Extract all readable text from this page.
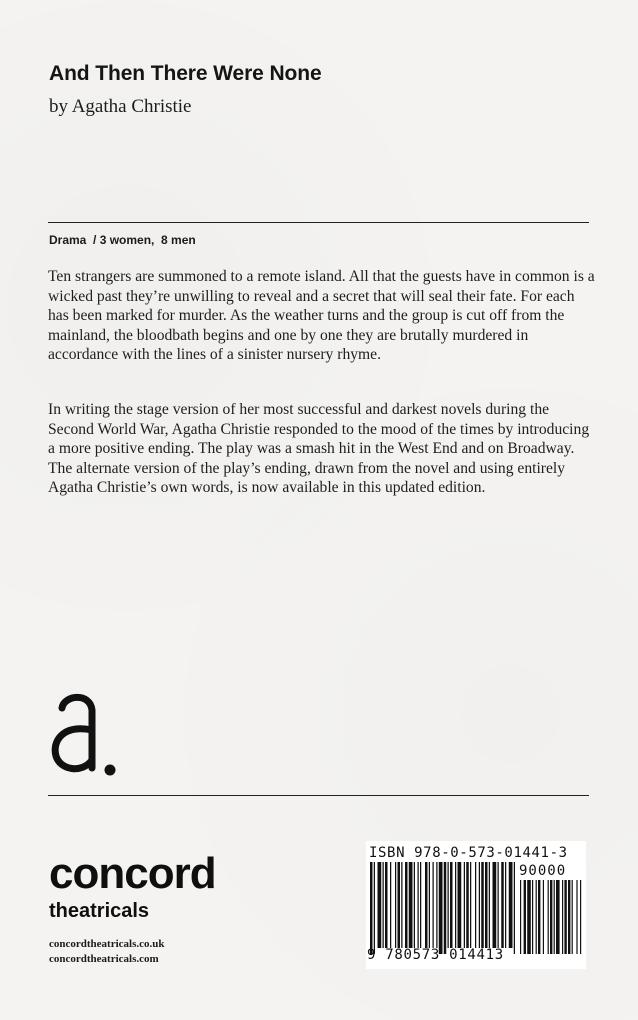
And Then There Were None
by Agatha Christie
Drama  / 3 women,  8 men

Ten strangers are summoned to a remote island. All that the guests have in common is a wicked past they’re unwilling to reveal and a secret that will seal their fate. For each has been marked for murder. As the weather turns and the group is cut off from the mainland, the bloodbath begins and one by one they are brutally murdered in accordance with the lines of a sinister nursery rhyme.

In writing the stage version of her most successful and darkest novels during the Second World War, Agatha Christie responded to the mood of the times by introducing a more positive ending. The play was a smash hit in the West End and on Broadway. The alternate version of the play’s ending, drawn from the novel and using entirely Agatha Christie’s own words, is now available in this updated edition.

concord
theatricals
concordtheatricals.co.uk
concordtheatricals.com
ISBN 978-0-573-01441-3
90000
9 780573 014413
